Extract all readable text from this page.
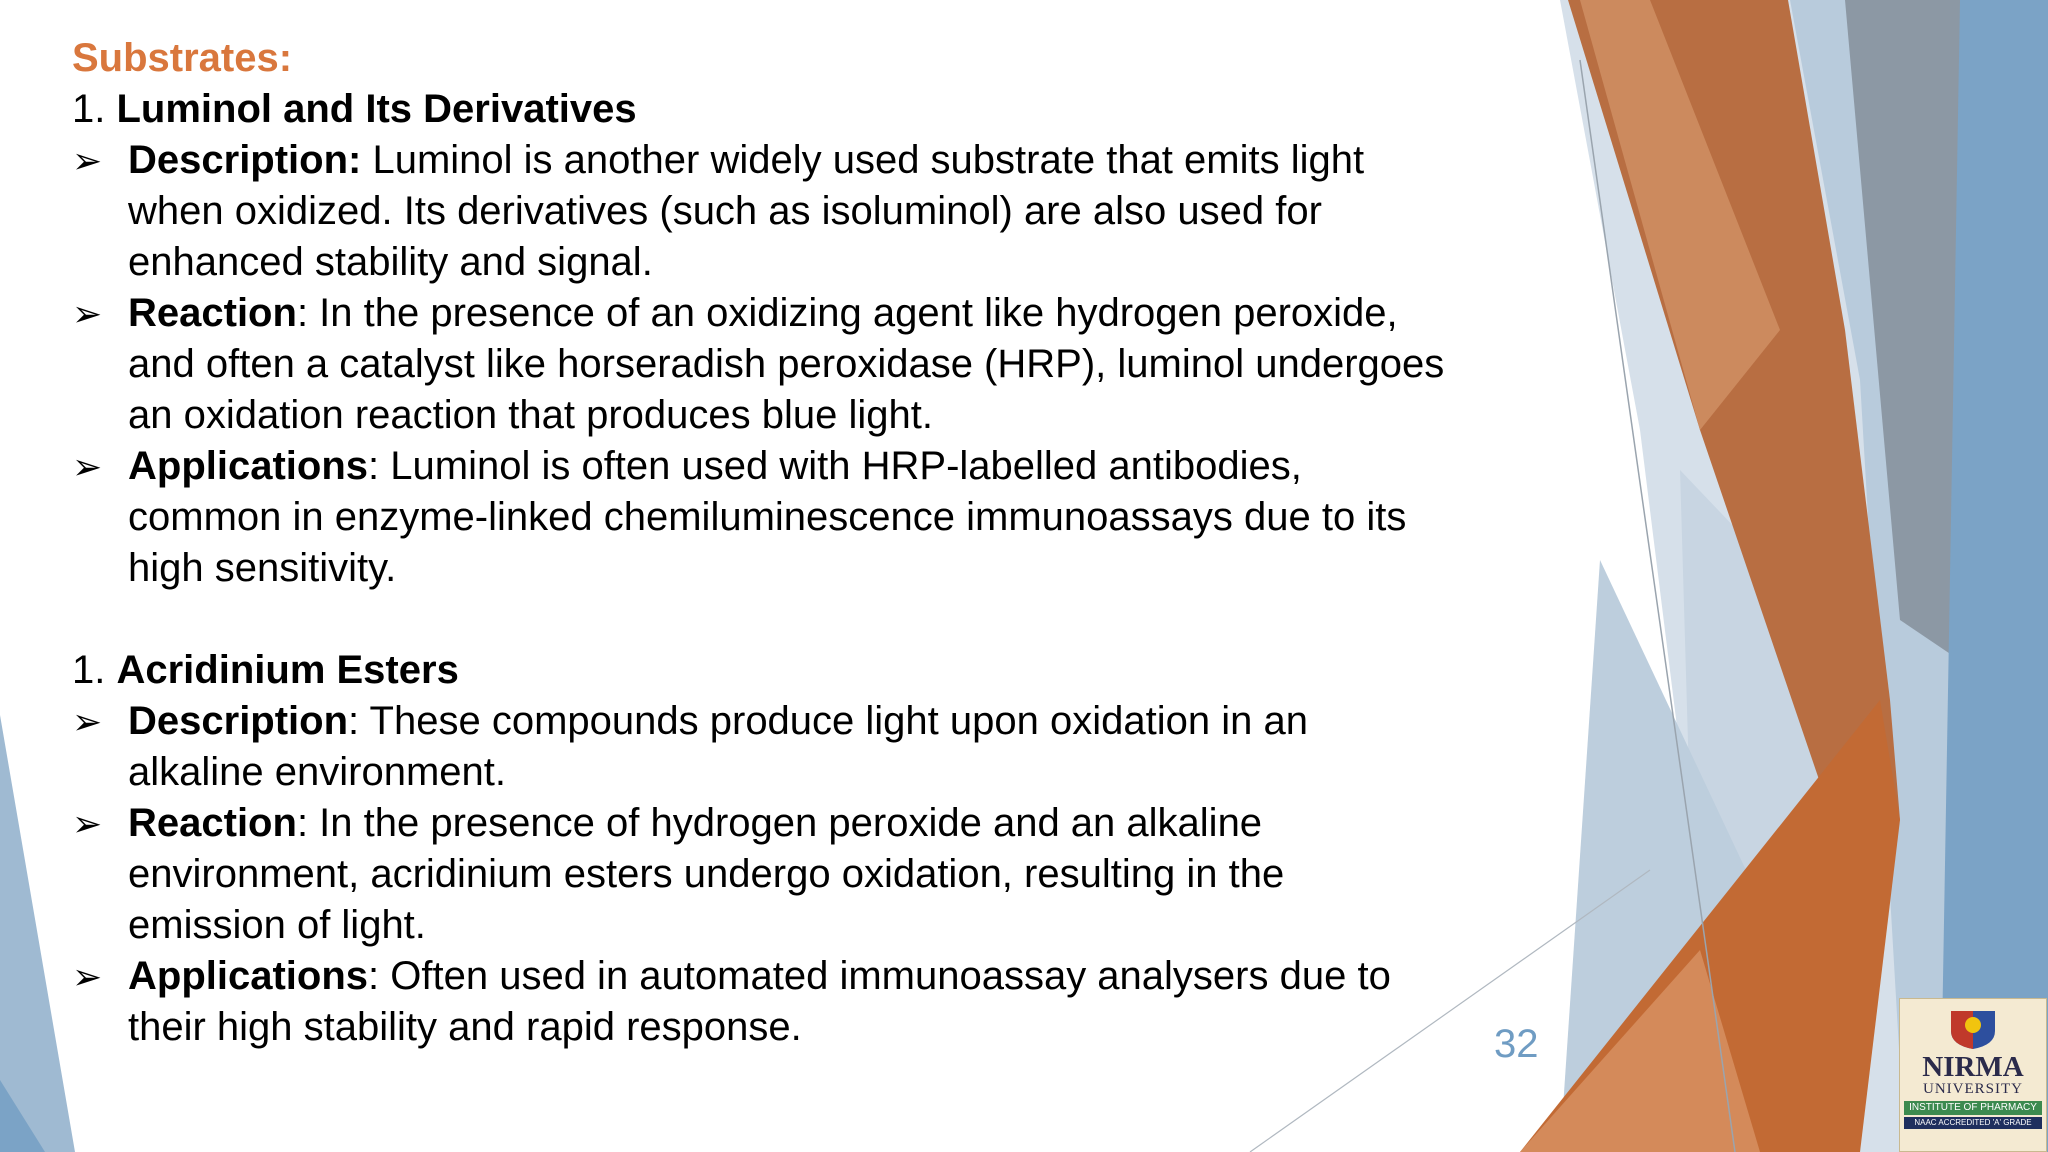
Substrates:
1. Luminol and Its Derivatives
➢ Description: Luminol is another widely used substrate that emits light
when oxidized. Its derivatives (such as isoluminol) are also used for
enhanced stability and signal.
➢ Reaction: In the presence of an oxidizing agent like hydrogen peroxide,
and often a catalyst like horseradish peroxidase (HRP), luminol undergoes
an oxidation reaction that produces blue light.
➢ Applications: Luminol is often used with HRP-labelled antibodies,
common in enzyme-linked chemiluminescence immunoassays due to its
high sensitivity.
1. Acridinium Esters
➢ Description: These compounds produce light upon oxidation in an
alkaline environment.
➢ Reaction: In the presence of hydrogen peroxide and an alkaline
environment, acridinium esters undergo oxidation, resulting in the
emission of light.
➢ Applications: Often used in automated immunoassay analysers due to
their high stability and rapid response.	32
NIRMA
UNIVERSITY
INSTITUTE OF PHARMACY
NAAC ACCREDITED 'A' GRADE
